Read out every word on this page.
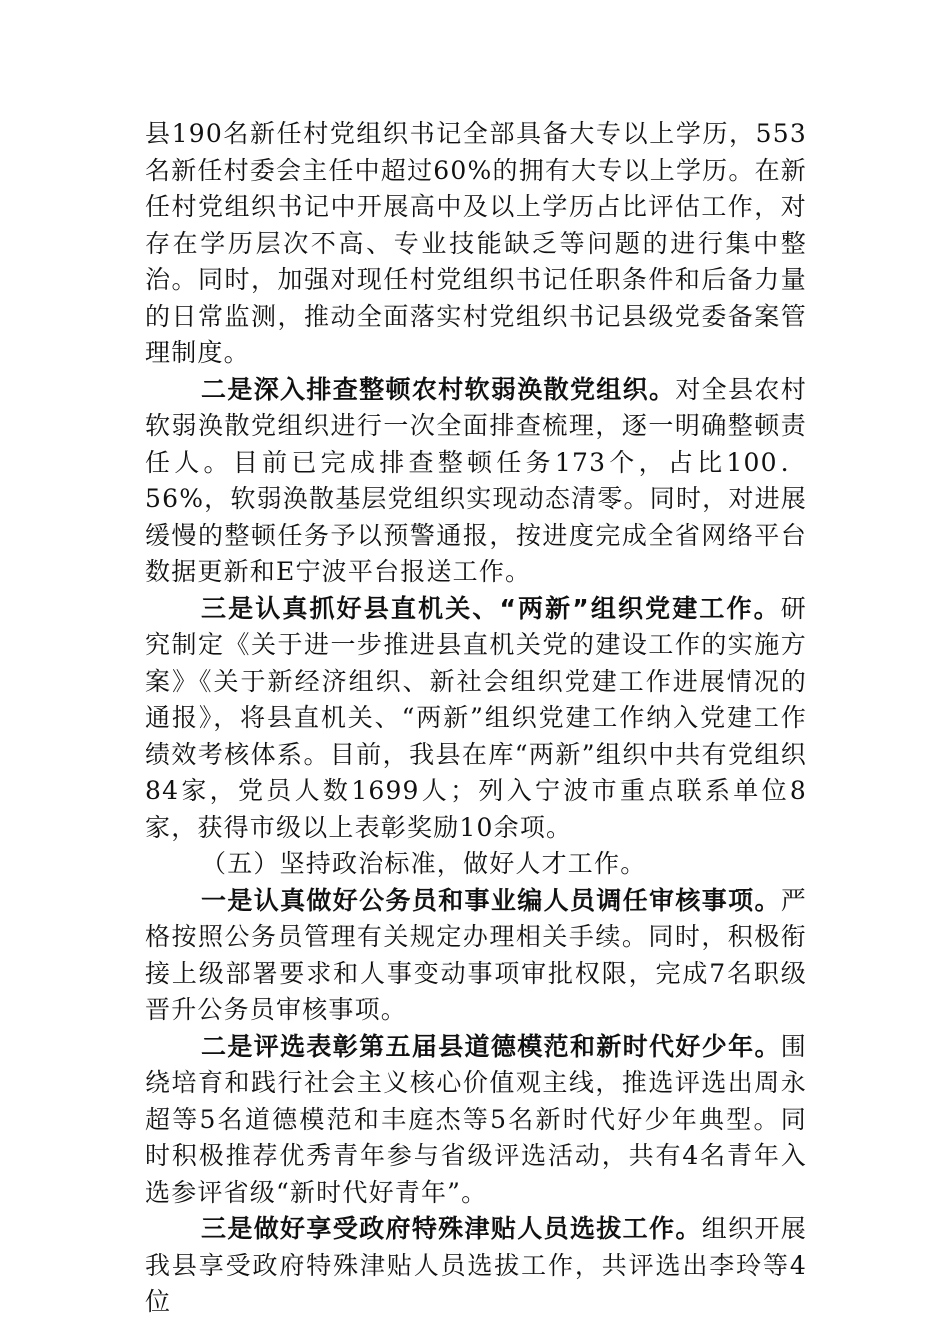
县190名新任村党组织书记全部具备大专以上学历，553名新任村委会主任中超过60%的拥有大专以上学历。在新任村党组织书记中开展高中及以上学历占比评估工作，对存在学历层次不高、专业技能缺乏等问题的进行集中整治。同时，加强对现任村党组织书记任职条件和后备力量的日常监测，推动全面落实村党组织书记县级党委备案管理制度。

二是深入排查整顿农村软弱涣散党组织。对全县农村软弱涣散党组织进行一次全面排查梳理，逐一明确整顿责任人。目前已完成排查整顿任务173个，占比100．56%，软弱涣散基层党组织实现动态清零。同时，对进展缓慢的整顿任务予以预警通报，按进度完成全省网络平台数据更新和E宁波平台报送工作。

三是认真抓好县直机关、“两新”组织党建工作。研究制定《关于进一步推进县直机关党的建设工作的实施方案》《关于新经济组织、新社会组织党建工作进展情况的通报》，将县直机关、“两新”组织党建工作纳入党建工作绩效考核体系。目前，我县在库“两新”组织中共有党组织84家，党员人数1699人；列入宁波市重点联系单位8家，获得市级以上表彰奖励10余项。

（五）坚持政治标准，做好人才工作。

一是认真做好公务员和事业编人员调任审核事项。严格按照公务员管理有关规定办理相关手续。同时，积极衔接上级部署要求和人事变动事项审批权限，完成7名职级晋升公务员审核事项。

二是评选表彰第五届县道德模范和新时代好少年。围绕培育和践行社会主义核心价值观主线，推选评选出周永超等5名道德模范和丰庭杰等5名新时代好少年典型。同时积极推荐优秀青年参与省级评选活动，共有4名青年入选参评省级“新时代好青年”。

三是做好享受政府特殊津贴人员选拔工作。组织开展我县享受政府特殊津贴人员选拔工作，共评选出李玲等4位
